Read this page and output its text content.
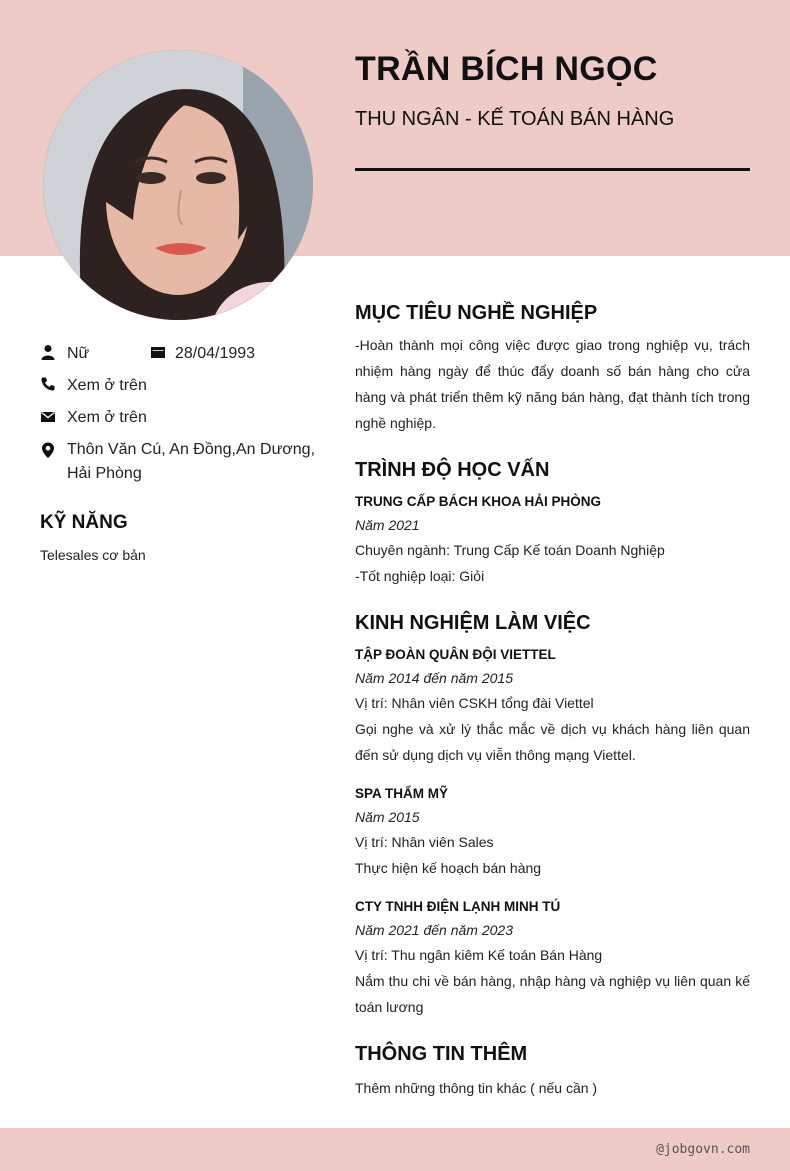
TRẦN BÍCH NGỌC
THU NGÂN - KẾ TOÁN BÁN HÀNG
Nữ	28/04/1993
Xem ở trên
Xem ở trên
Thôn Văn Cú, An Đồng,An Dương,
Hải Phòng
KỸ NĂNG
Telesales cơ bản
MỤC TIÊU NGHỀ NGHIỆP
-Hoàn thành mọi công việc được giao trong nghiệp vụ, trách nhiệm hàng ngày để thúc đẩy doanh số bán hàng cho cửa hàng và phát triển thêm kỹ năng bán hàng, đạt thành tích trong nghề nghiệp.
TRÌNH ĐỘ HỌC VẤN
TRUNG CẤP BÁCH KHOA HẢI PHÒNG
Năm 2021
Chuyên ngành: Trung Cấp Kế toán Doanh Nghiệp
-Tốt nghiệp loại: Giỏi
KINH NGHIỆM LÀM VIỆC
TẬP ĐOÀN QUÂN ĐỘI VIETTEL
Năm 2014 đến năm 2015
Vị trí: Nhân viên CSKH tổng đài Viettel
Gọi nghe và xử lý thắc mắc về dịch vụ khách hàng liên quan đến sử dụng dịch vụ viễn thông mạng Viettel.
SPA THẨM MỸ
Năm 2015
Vị trí: Nhân viên Sales
Thực hiện kế hoạch bán hàng
CTY TNHH ĐIỆN LẠNH MINH TÚ
Năm 2021 đến năm 2023
Vị trí: Thu ngân kiêm Kế toán Bán Hàng
Nắm thu chi về bán hàng, nhập hàng và nghiệp vụ liên quan kế toán lương
THÔNG TIN THÊM
Thêm những thông tin khác ( nếu cần )
@jobgovn.com
